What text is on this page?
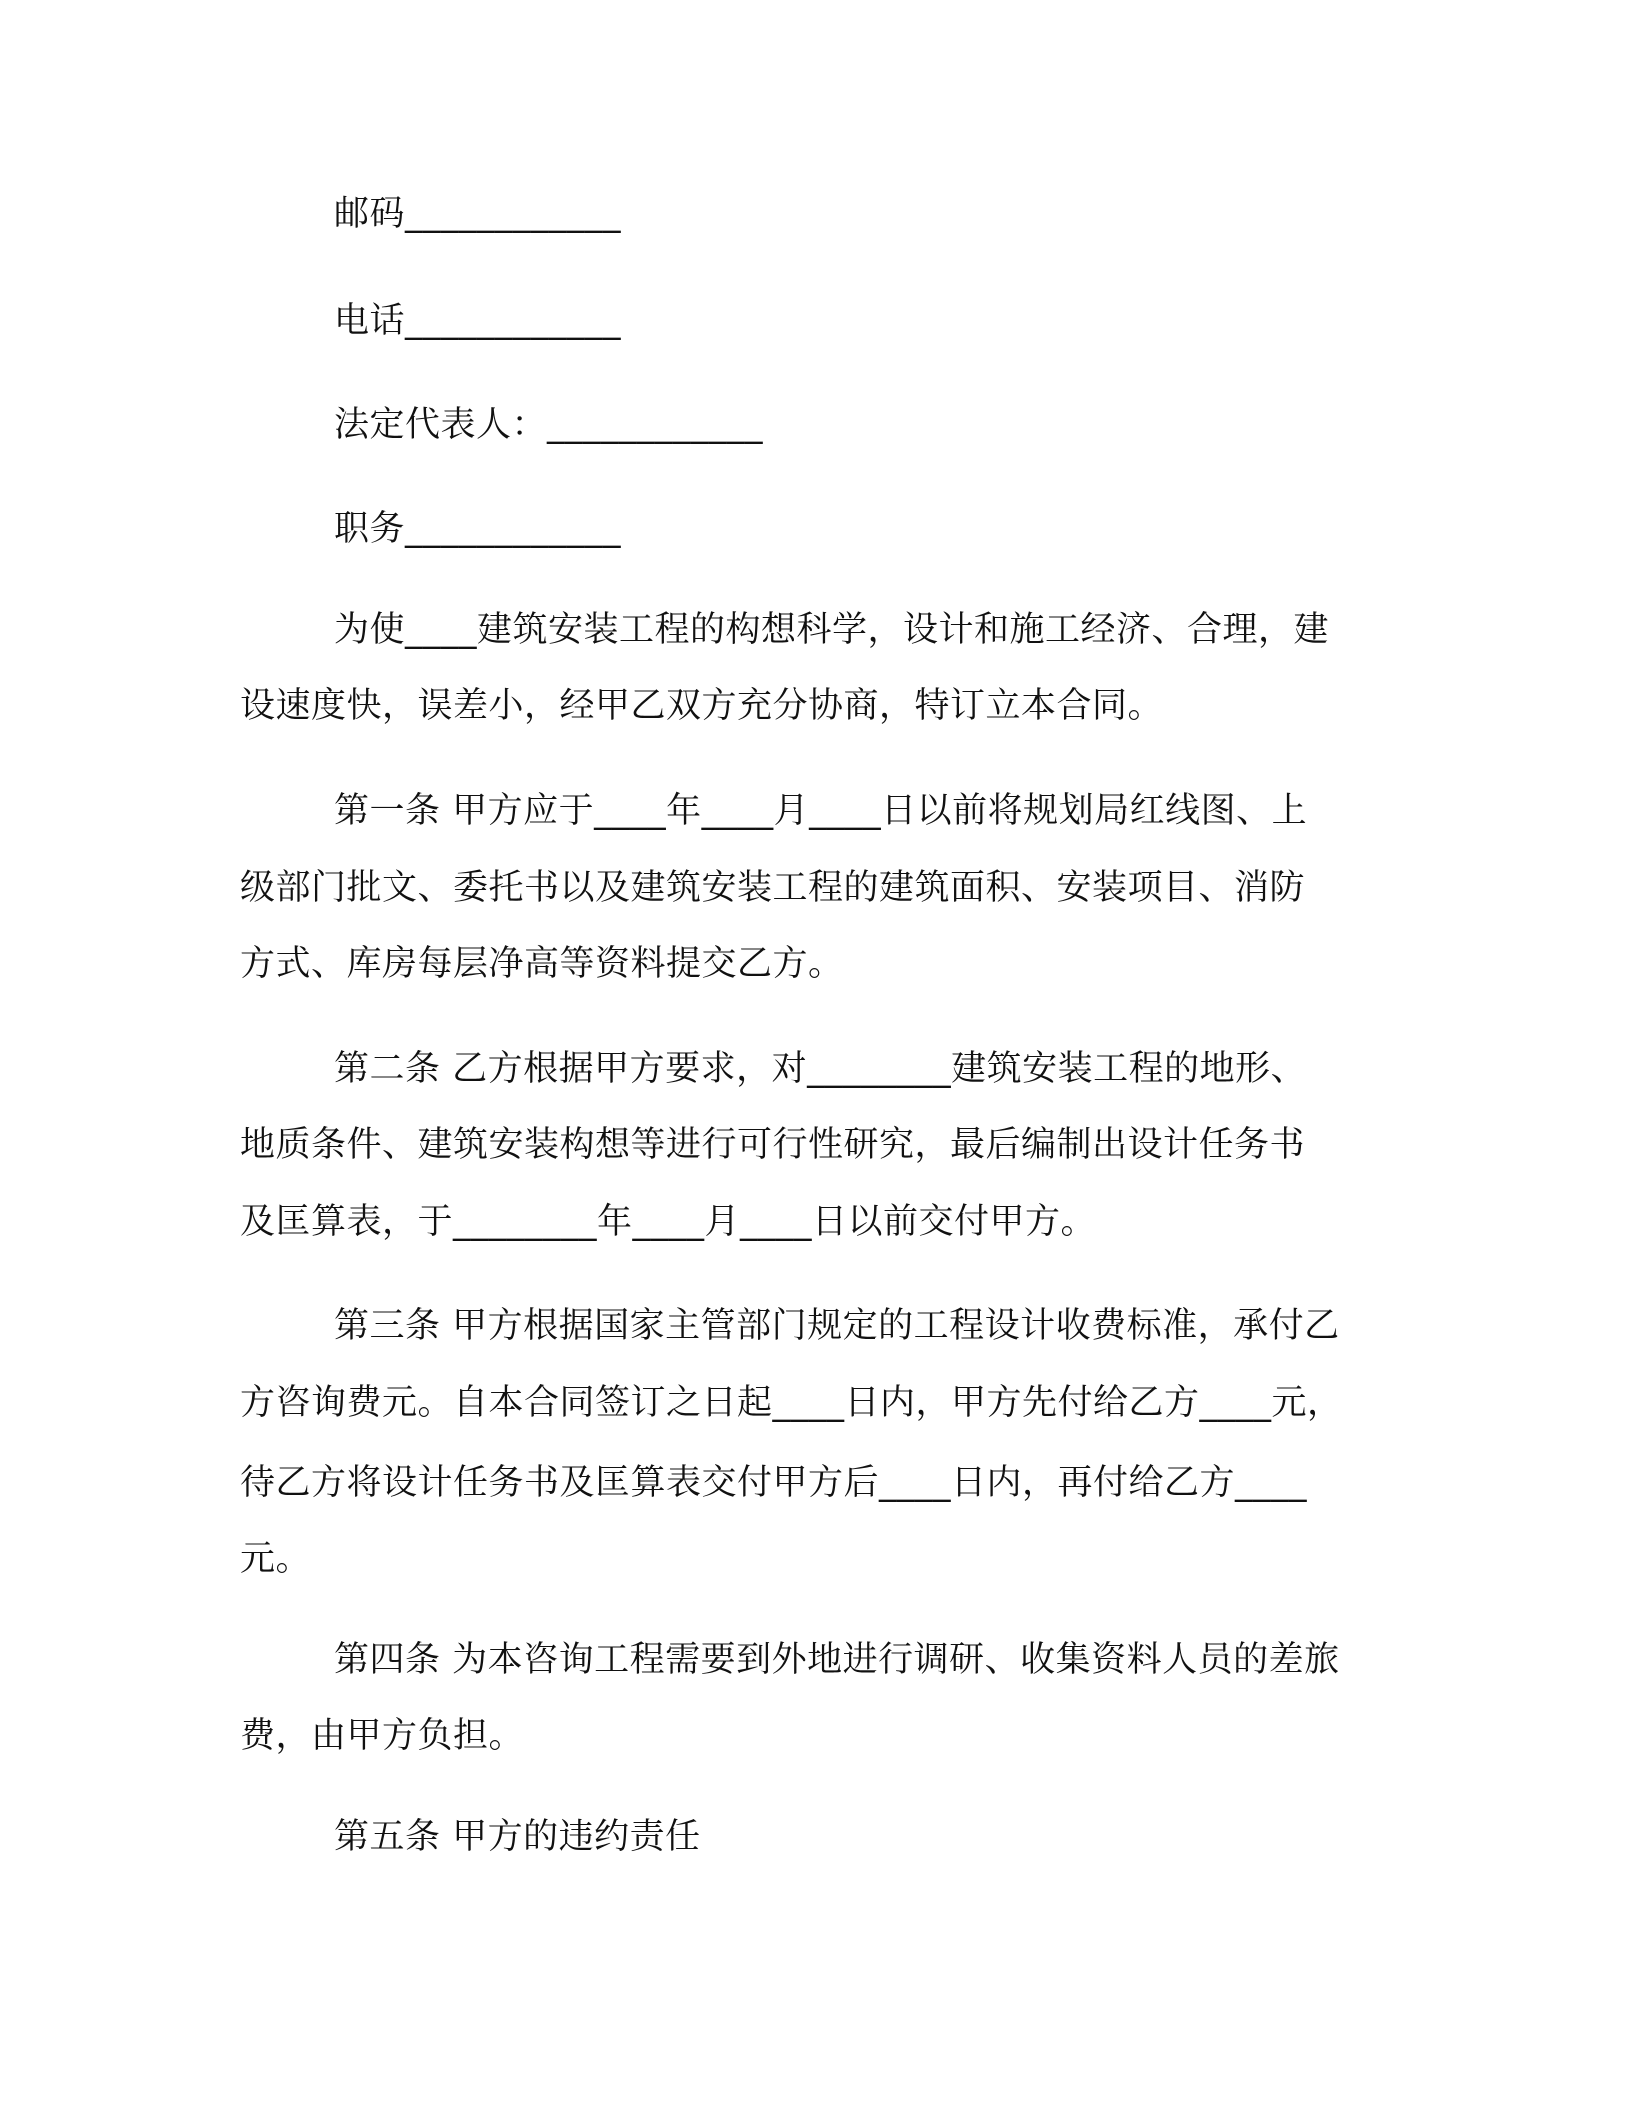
邮码____________
电话____________
法定代表人：____________
职务____________
为使____建筑安装工程的构想科学，设计和施工经济、合理，建
设速度快，误差小，经甲乙双方充分协商，特订立本合同。
第一条 甲方应于____年____月____日以前将规划局红线图、上
级部门批文、委托书以及建筑安装工程的建筑面积、安装项目、消防
方式、库房每层净高等资料提交乙方。
第二条 乙方根据甲方要求，对________建筑安装工程的地形、
地质条件、建筑安装构想等进行可行性研究，最后编制出设计任务书
及匡算表，于________年____月____日以前交付甲方。
第三条 甲方根据国家主管部门规定的工程设计收费标准，承付乙
方咨询费元。自本合同签订之日起____日内，甲方先付给乙方____元，
待乙方将设计任务书及匡算表交付甲方后____日内，再付给乙方____
元。
第四条 为本咨询工程需要到外地进行调研、收集资料人员的差旅
费，由甲方负担。
第五条 甲方的违约责任
